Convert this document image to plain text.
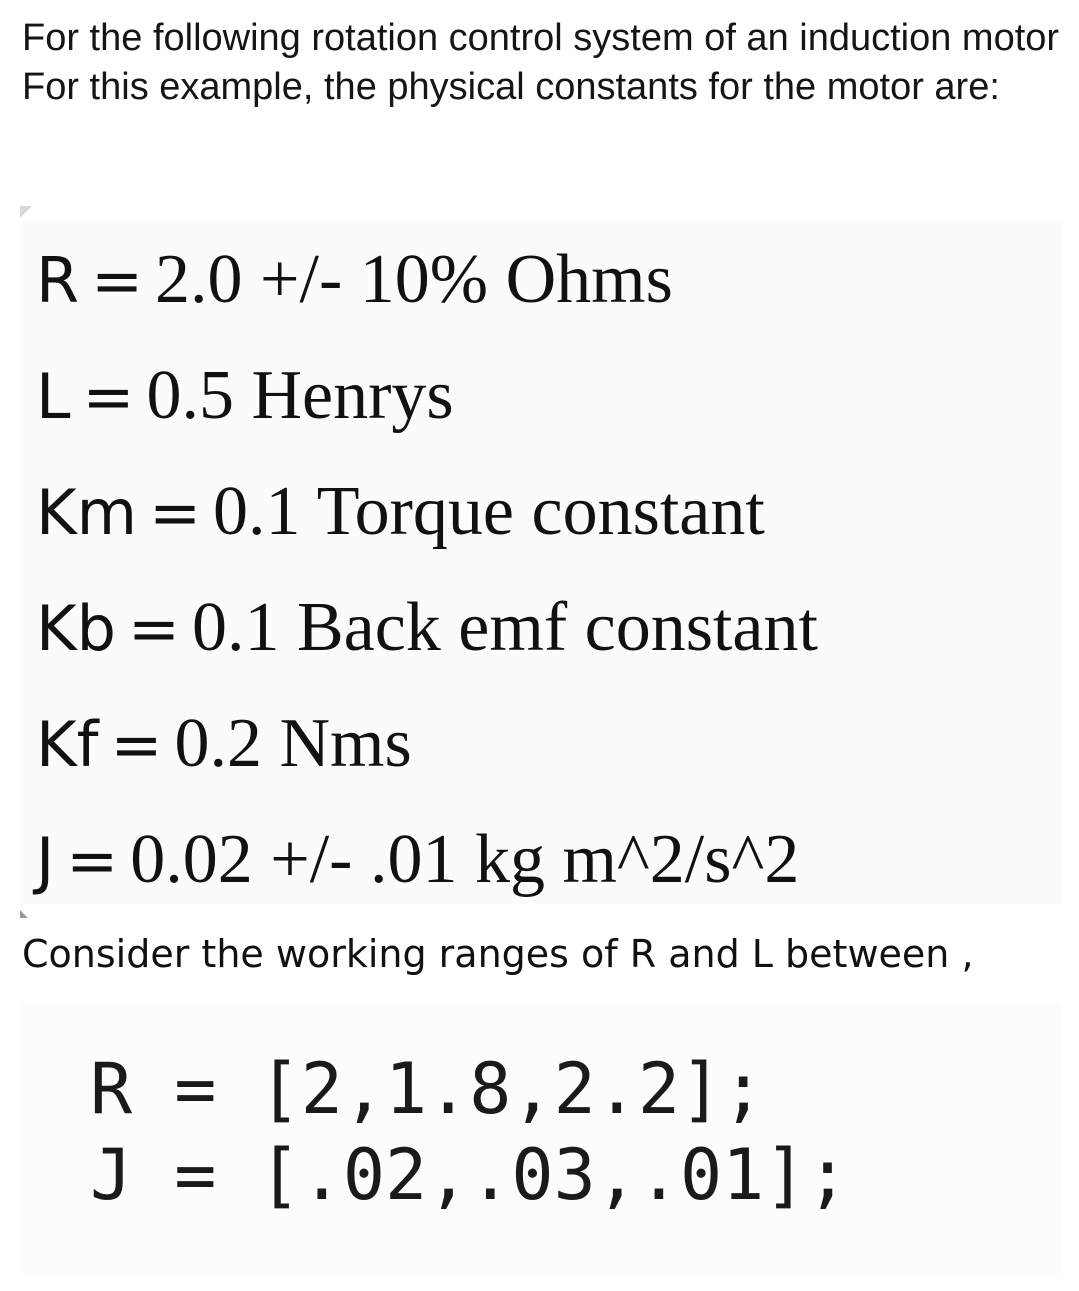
For the following rotation control system of an induction motor

For this example, the physical constants for the motor are:

R = 2.0 +/- 10% Ohms
L = 0.5 Henrys
Km = 0.1 Torque constant
Kb = 0.1 Back emf constant
Kf = 0.2 Nms
J = 0.02 +/- .01 kg m^2/s^2

Consider the working ranges of R and L between ,

R = [2,1.8,2.2];
J = [.02,.03,.01];
